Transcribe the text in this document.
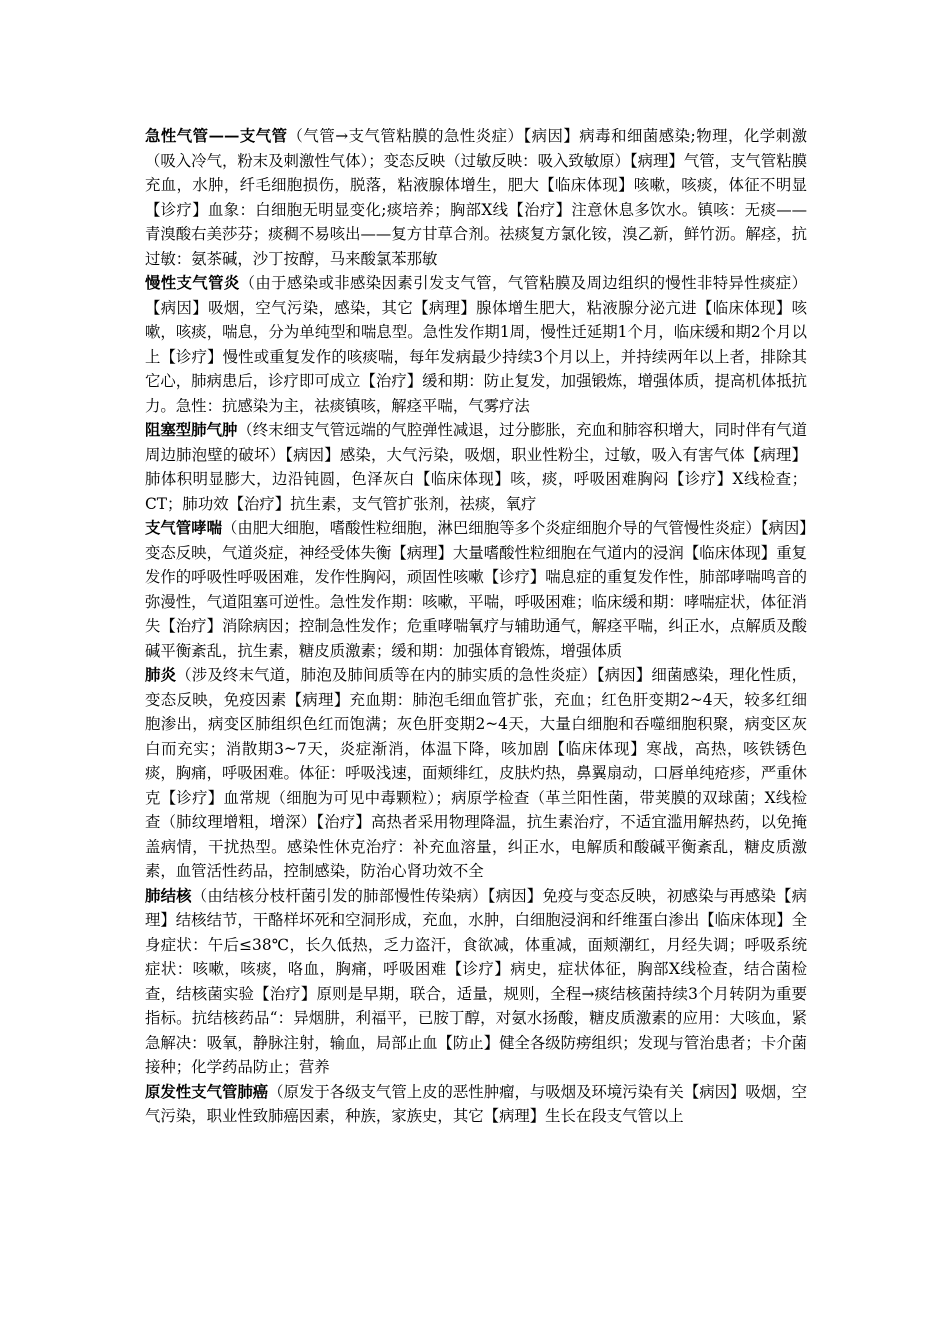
急性气管——支气管（气管→支气管粘膜的急性炎症）【病因】病毒和细菌感染;物理，化学刺激（吸入冷气，粉末及刺激性气体）；变态反映（过敏反映：吸入致敏原）【病理】气管，支气管粘膜充血，水肿，纤毛细胞损伤，脱落，粘液腺体增生，肥大【临床体现】咳嗽，咳痰，体征不明显【诊疗】血象：白细胞无明显变化;痰培养；胸部X线【治疗】注意休息多饮水。镇咳：无痰——青溴酸右美莎芬；痰稠不易咳出——复方甘草合剂。祛痰复方氯化铵，溴乙新，鲜竹沥。解痉，抗过敏：氨茶碱，沙丁按醇，马来酸氯苯那敏

慢性支气管炎（由于感染或非感染因素引发支气管，气管粘膜及周边组织的慢性非特异性痰症）【病因】吸烟，空气污染，感染，其它【病理】腺体增生肥大，粘液腺分泌亢进【临床体现】咳嗽，咳痰，喘息，分为单纯型和喘息型。急性发作期1周，慢性迁延期1个月，临床缓和期2个月以上【诊疗】慢性或重复发作的咳痰喘，每年发病最少持续3个月以上，并持续两年以上者，排除其它心，肺病患后，诊疗即可成立【治疗】缓和期：防止复发，加强锻炼，增强体质，提高机体抵抗力。急性：抗感染为主，祛痰镇咳，解痉平喘，气雾疗法

阻塞型肺气肿（终末细支气管远端的气腔弹性减退，过分膨胀，充血和肺容积增大，同时伴有气道周边肺泡壁的破坏）【病因】感染，大气污染，吸烟，职业性粉尘，过敏，吸入有害气体【病理】肺体积明显膨大，边沿钝圆，色泽灰白【临床体现】咳，痰，呼吸困难胸闷【诊疗】X线检查；CT；肺功效【治疗】抗生素，支气管扩张剂，祛痰，氧疗

支气管哮喘（由肥大细胞，嗜酸性粒细胞，淋巴细胞等多个炎症细胞介导的气管慢性炎症）【病因】变态反映，气道炎症，神经受体失衡【病理】大量嗜酸性粒细胞在气道内的浸润【临床体现】重复发作的呼吸性呼吸困难，发作性胸闷，顽固性咳嗽【诊疗】喘息症的重复发作性，肺部哮喘鸣音的弥漫性，气道阻塞可逆性。急性发作期：咳嗽，平喘，呼吸困难；临床缓和期：哮喘症状，体征消失【治疗】消除病因；控制急性发作；危重哮喘氧疗与辅助通气，解痉平喘，纠正水，点解质及酸碱平衡紊乱，抗生素，糖皮质激素；缓和期：加强体育锻炼，增强体质

肺炎（涉及终末气道，肺泡及肺间质等在内的肺实质的急性炎症）【病因】细菌感染，理化性质，变态反映，免疫因素【病理】充血期：肺泡毛细血管扩张，充血；红色肝变期2~4天，较多红细胞渗出，病变区肺组织色红而饱满；灰色肝变期2~4天，大量白细胞和吞噬细胞积聚，病变区灰白而充实；消散期3~7天，炎症渐消，体温下降，咳加剧【临床体现】寒战，高热，咳铁锈色痰，胸痛，呼吸困难。体征：呼吸浅速，面颊绯红，皮肤灼热，鼻翼扇动，口唇单纯疮疹，严重休克【诊疗】血常规（细胞为可见中毒颗粒）；病原学检查（革兰阳性菌，带荚膜的双球菌；X线检查（肺纹理增粗，增深）【治疗】高热者采用物理降温，抗生素治疗，不适宜滥用解热药，以免掩盖病情，干扰热型。感染性休克治疗：补充血溶量，纠正水，电解质和酸碱平衡紊乱，糖皮质激素，血管活性药品，控制感染，防治心肾功效不全

肺结核（由结核分枝杆菌引发的肺部慢性传染病）【病因】免疫与变态反映，初感染与再感染【病理】结核结节，干酪样坏死和空洞形成，充血，水肿，白细胞浸润和纤维蛋白渗出【临床体现】全身症状：午后≤38℃，长久低热，乏力盗汗，食欲减，体重减，面颊潮红，月经失调；呼吸系统症状：咳嗽，咳痰，咯血，胸痛，呼吸困难【诊疗】病史，症状体征，胸部X线检查，结合菌检查，结核菌实验【治疗】原则是早期，联合，适量，规则，全程→痰结核菌持续3个月转阴为重要指标。抗结核药品“：异烟肼，利福平，已胺丁醇，对氨水扬酸，糖皮质激素的应用：大咳血，紧急解决：吸氧，静脉注射，输血，局部止血【防止】健全各级防痨组织；发现与管治患者；卡介菌接种；化学药品防止；营养

原发性支气管肺癌（原发于各级支气管上皮的恶性肿瘤，与吸烟及环境污染有关【病因】吸烟，空气污染，职业性致肺癌因素，种族，家族史，其它【病理】生长在段支气管以上
